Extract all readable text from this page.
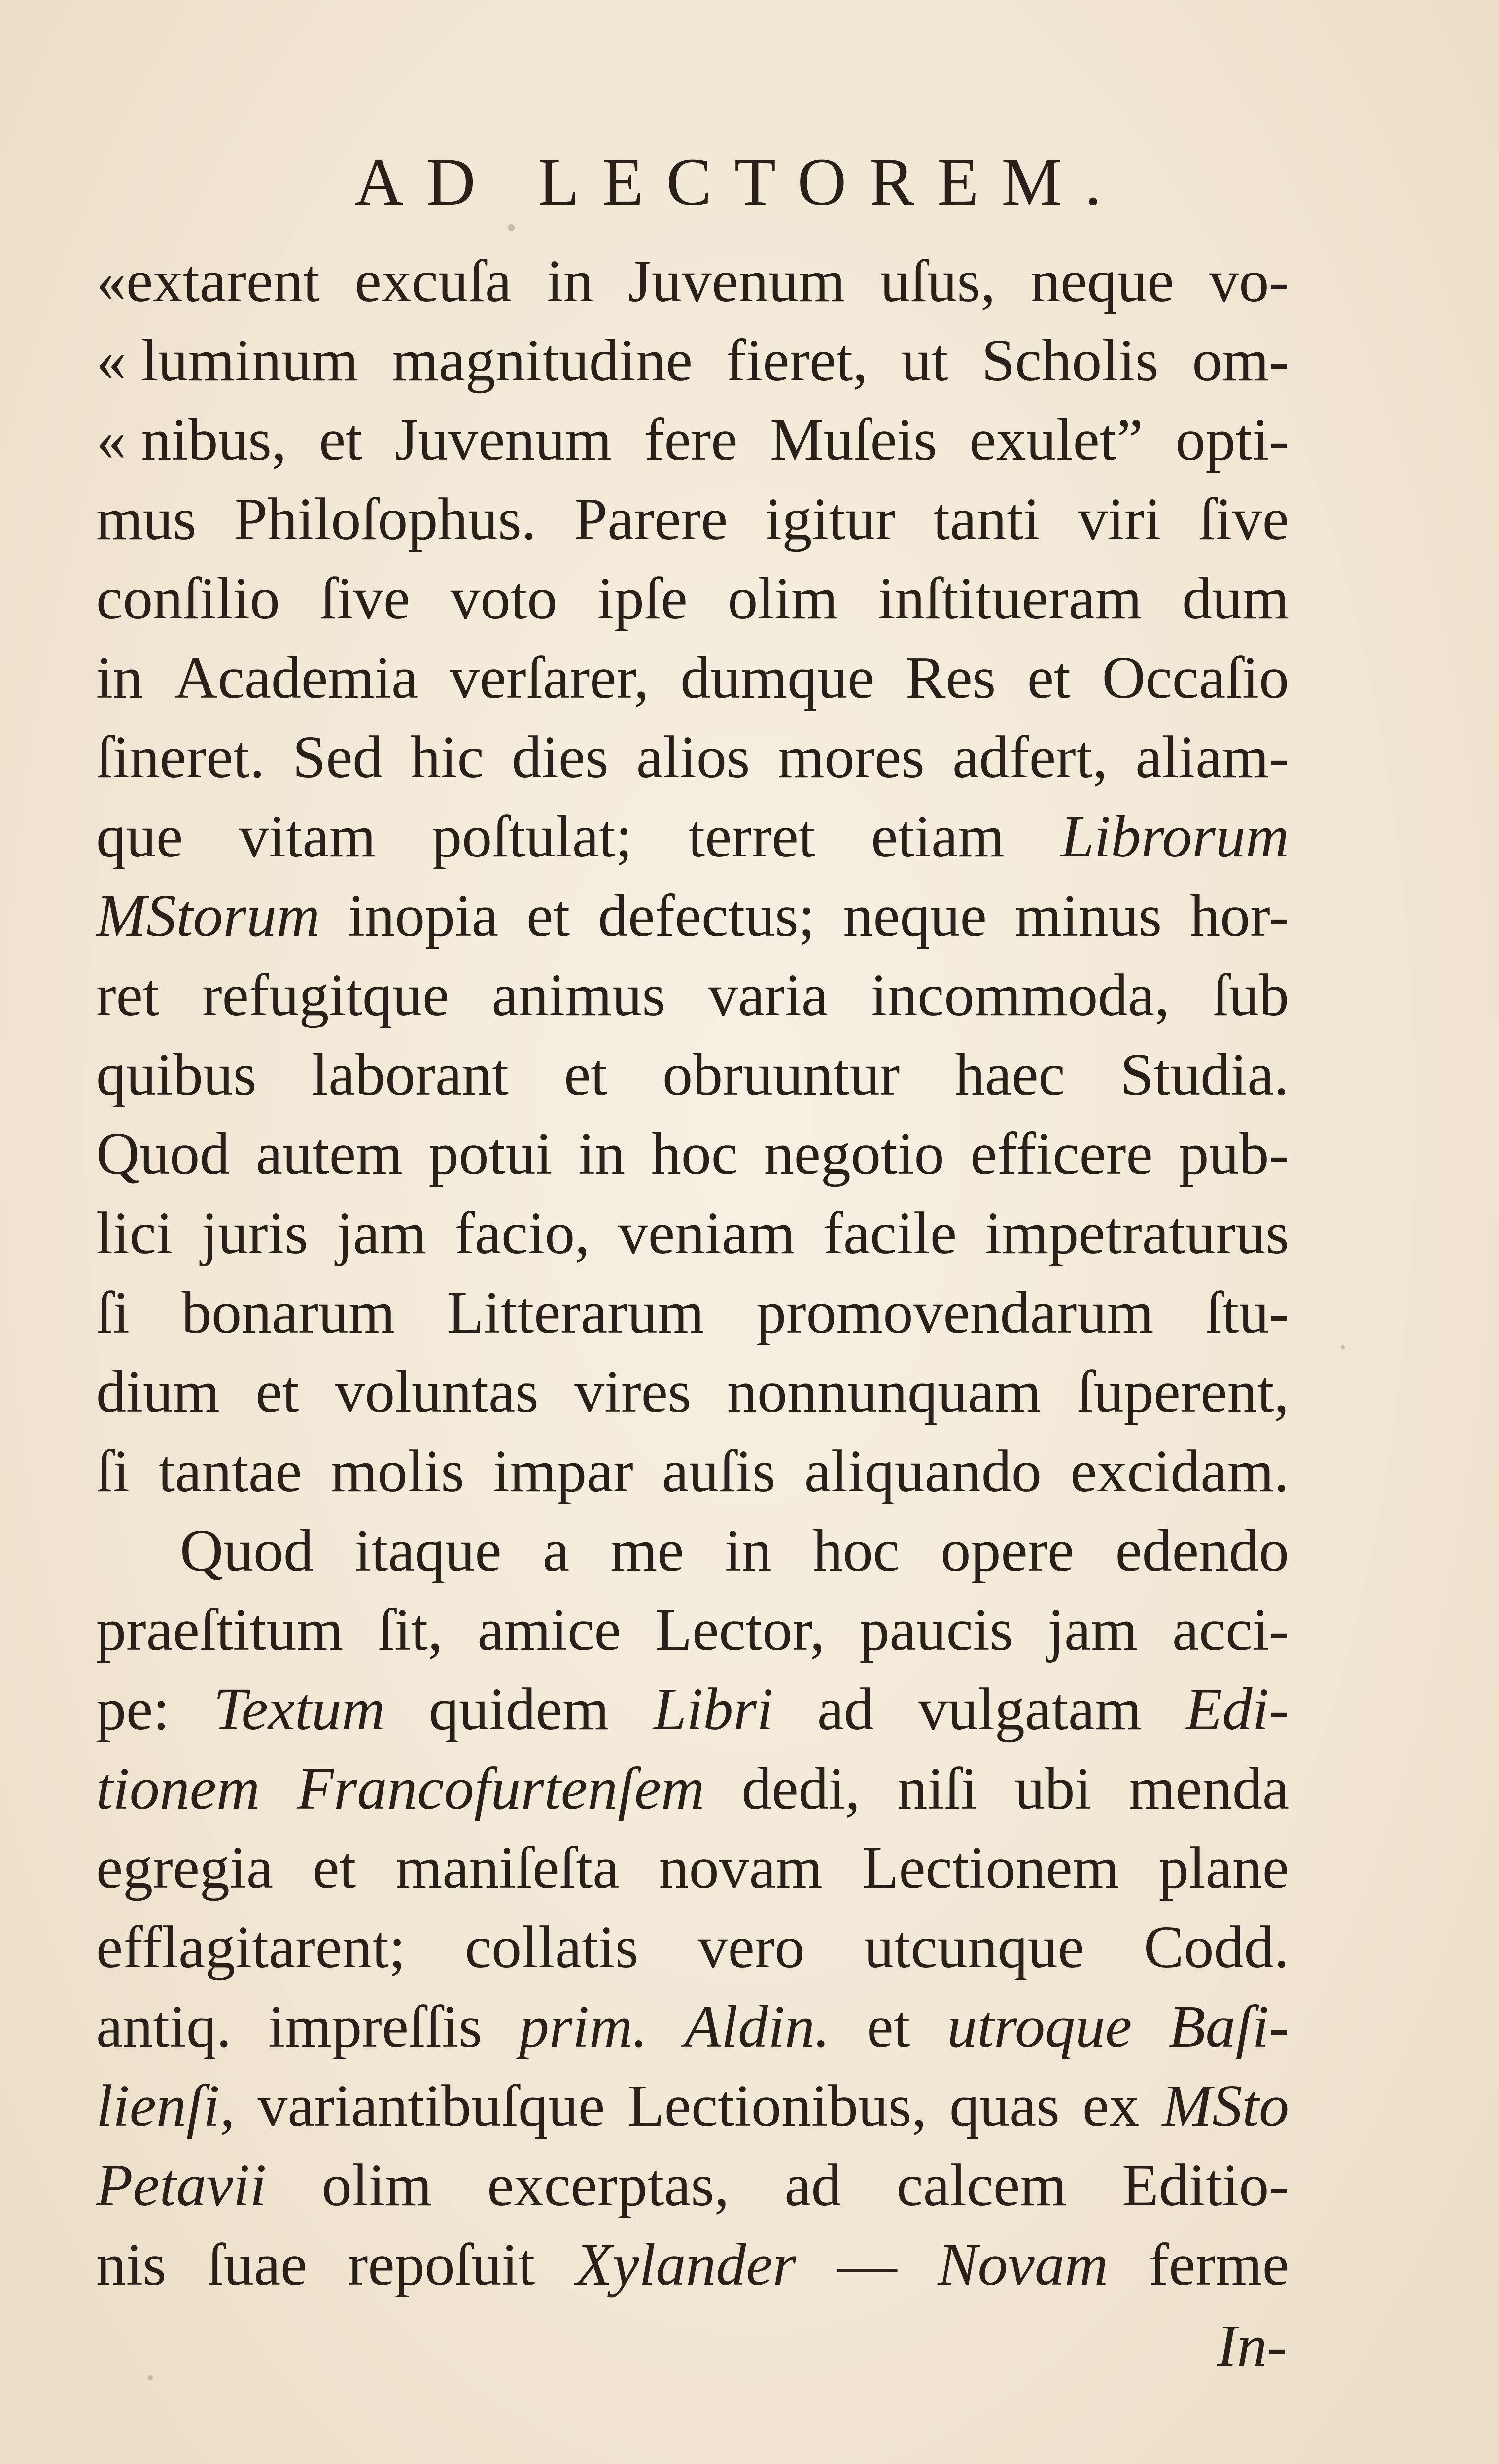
AD LECTOREM.
«extarent excuſa in Juvenum uſus, neque vo-
« luminum magnitudine fieret, ut Scholis om-
« nibus, et Juvenum fere Muſeis exulet” opti-
mus Philoſophus. Parere igitur tanti viri ſive
conſilio ſive voto ipſe olim inſtitueram dum
in Academia verſarer, dumque Res et Occaſio
ſineret. Sed hic dies alios mores adfert, aliam-
que vitam poſtulat; terret etiam Librorum
MStorum inopia et defectus; neque minus hor-
ret refugitque animus varia incommoda, ſub
quibus laborant et obruuntur haec Studia.
Quod autem potui in hoc negotio efficere pub-
lici juris jam facio, veniam facile impetraturus
ſi bonarum Litterarum promovendarum ſtu-
dium et voluntas vires nonnunquam ſuperent,
ſi tantae molis impar auſis aliquando excidam.
Quod itaque a me in hoc opere edendo
praeſtitum ſit, amice Lector, paucis jam acci-
pe: Textum quidem Libri ad vulgatam Edi-
tionem Francofurtenſem dedi, niſi ubi menda
egregia et maniſeſta novam Lectionem plane
efflagitarent; collatis vero utcunque Codd.
antiq. impreſſis prim. Aldin. et utroque Baſi-
lienſi, variantibuſque Lectionibus, quas ex MSto
Petavii olim excerptas, ad calcem Editio-
nis ſuae repoſuit Xylander — Novam ferme
In-
